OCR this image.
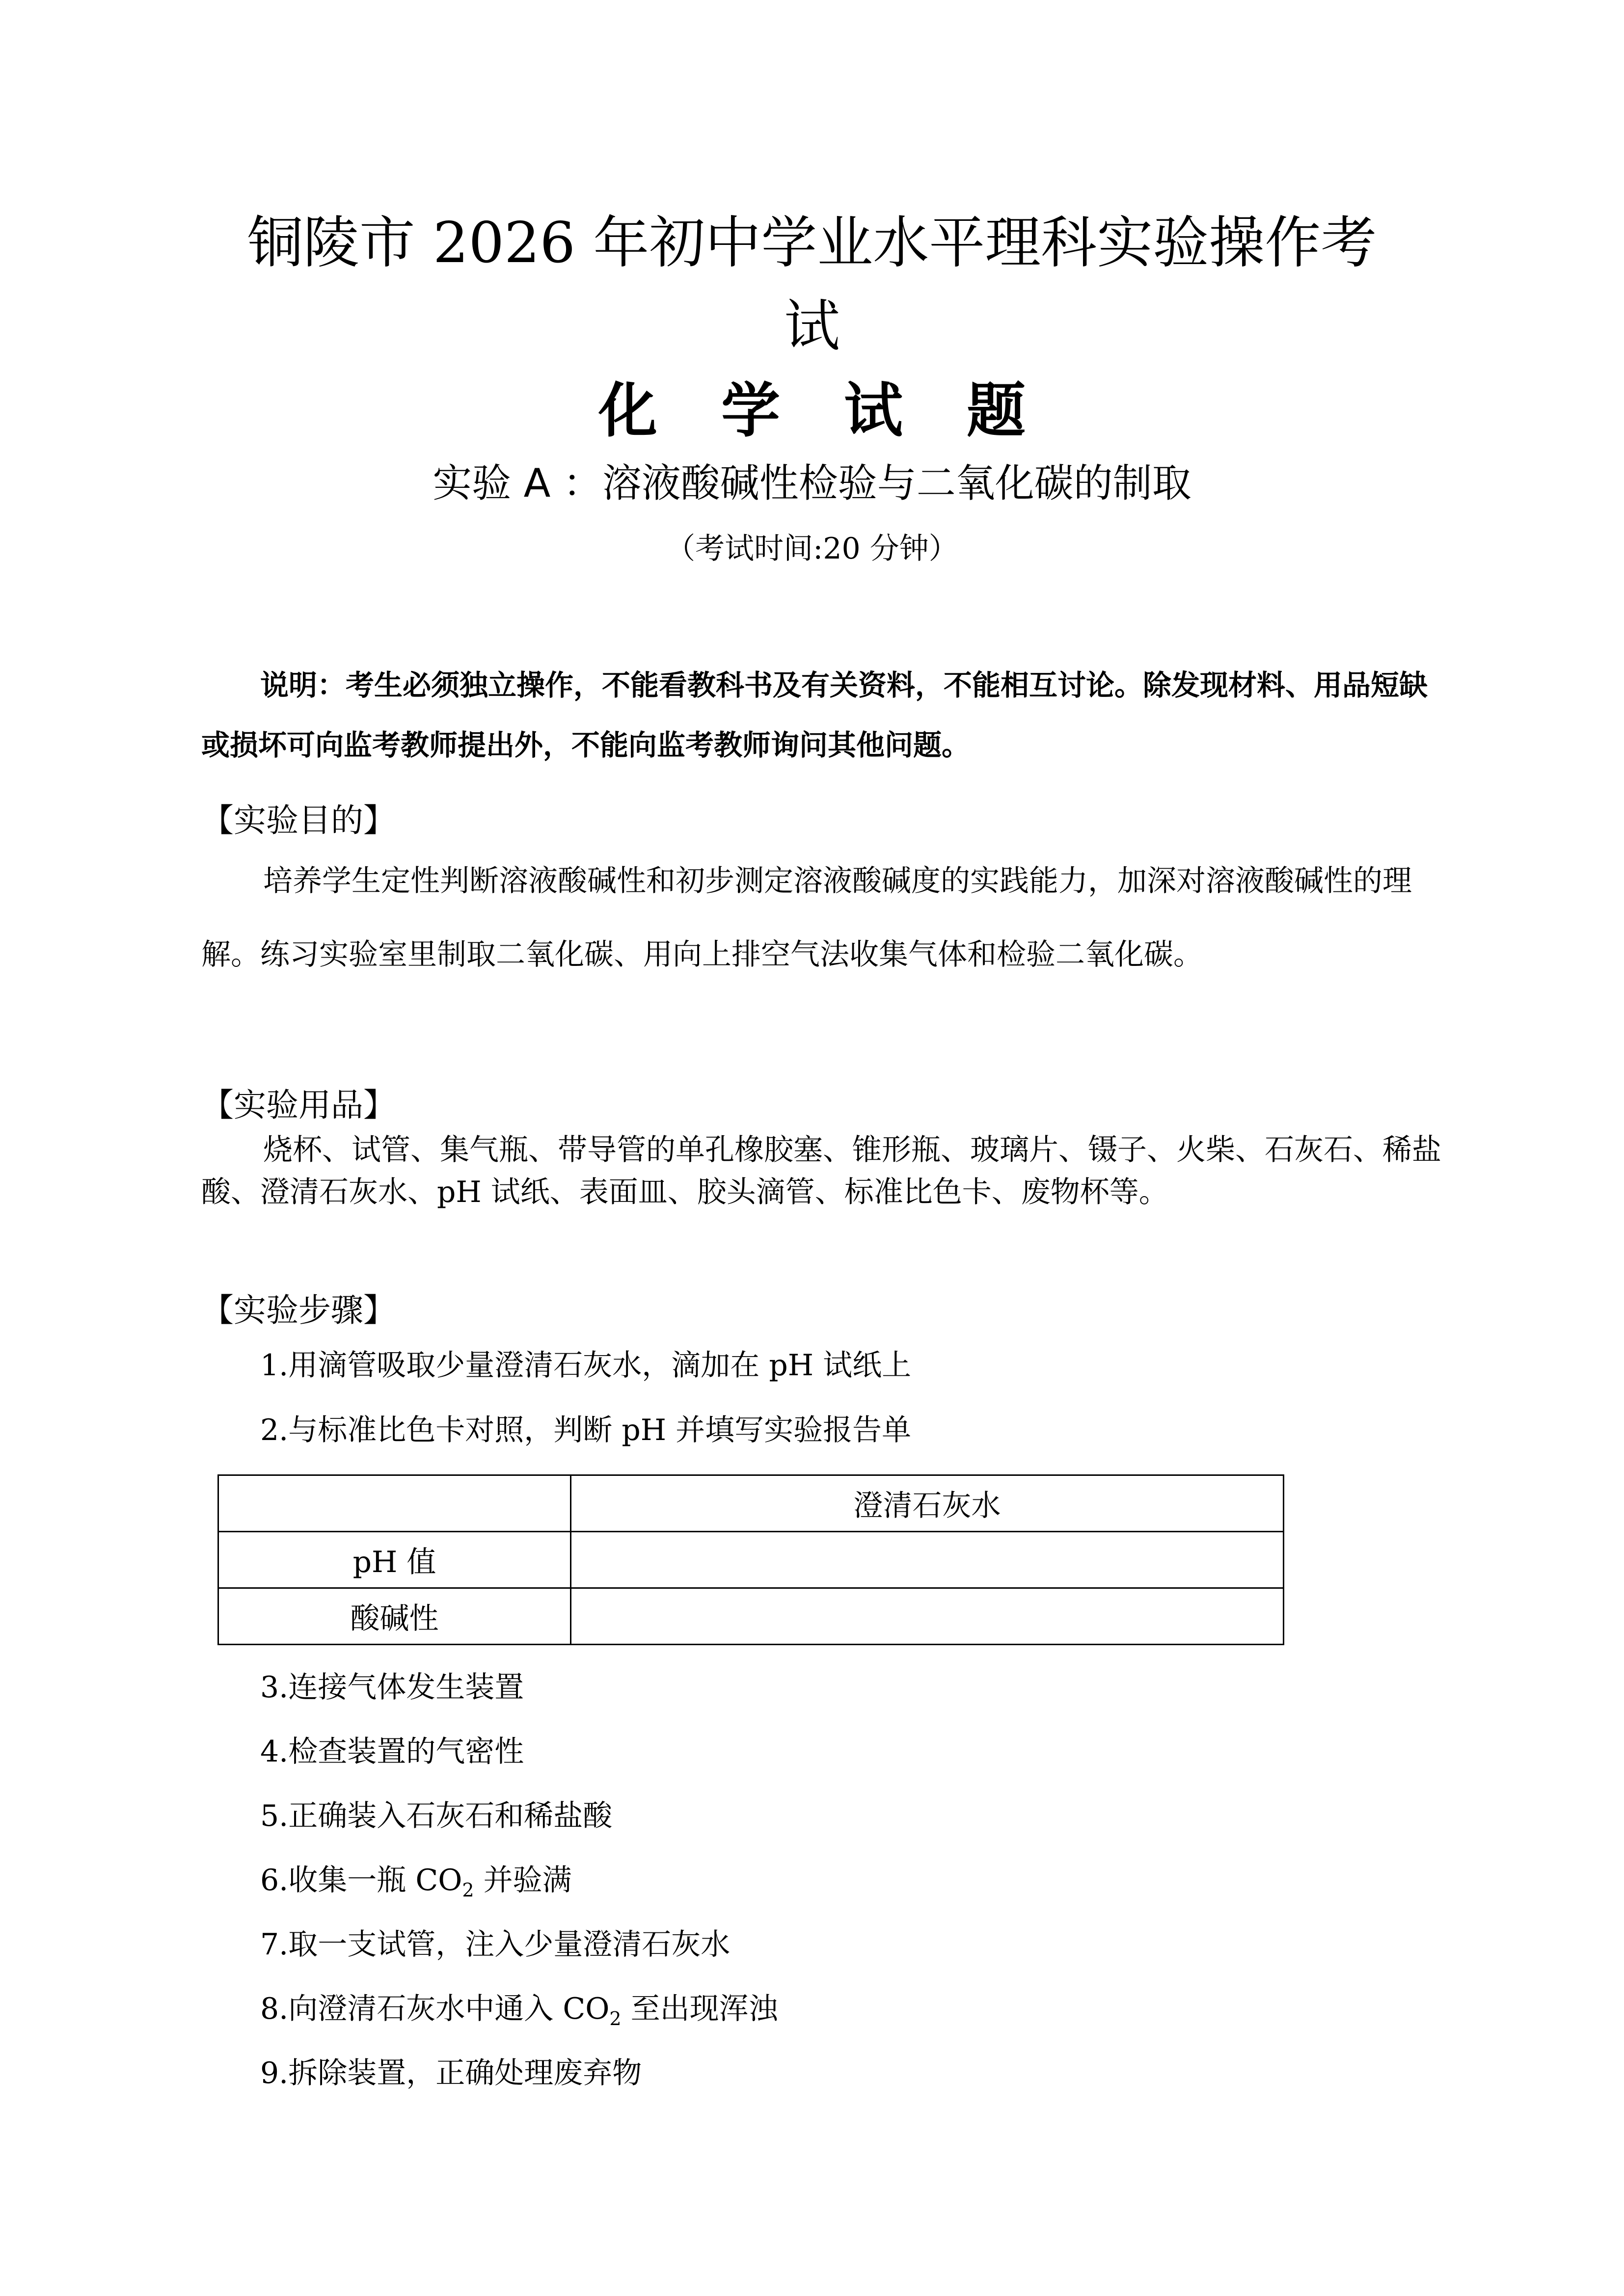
铜陵市 2026 年初中学业水平理科实验操作考
试
化 学 试 题
实验 A ：溶液酸碱性检验与二氧化碳的制取
（考试时间:20 分钟）
说明：考生必须独立操作，不能看教科书及有关资料，不能相互讨论。除发现材料、用品短缺或损坏可向监考教师提出外，不能向监考教师询问其他问题。
【实验目的】
培养学生定性判断溶液酸碱性和初步测定溶液酸碱度的实践能力，加深对溶液酸碱性的理解。练习实验室里制取二氧化碳、用向上排空气法收集气体和检验二氧化碳。
【实验用品】
烧杯、试管、集气瓶、带导管的单孔橡胶塞、锥形瓶、玻璃片、镊子、火柴、石灰石、稀盐酸、澄清石灰水、pH 试纸、表面皿、胶头滴管、标准比色卡、废物杯等。
【实验步骤】
1.用滴管吸取少量澄清石灰水，滴加在 pH 试纸上
2.与标准比色卡对照，判断 pH 并填写实验报告单
	澄清石灰水
pH 值	
酸碱性	
3.连接气体发生装置
4.检查装置的气密性
5.正确装入石灰石和稀盐酸
6.收集一瓶 $CO_2$ 并验满
7.取一支试管，注入少量澄清石灰水
8.向澄清石灰水中通入 $CO_2$ 至出现浑浊
9.拆除装置，正确处理废弃物
